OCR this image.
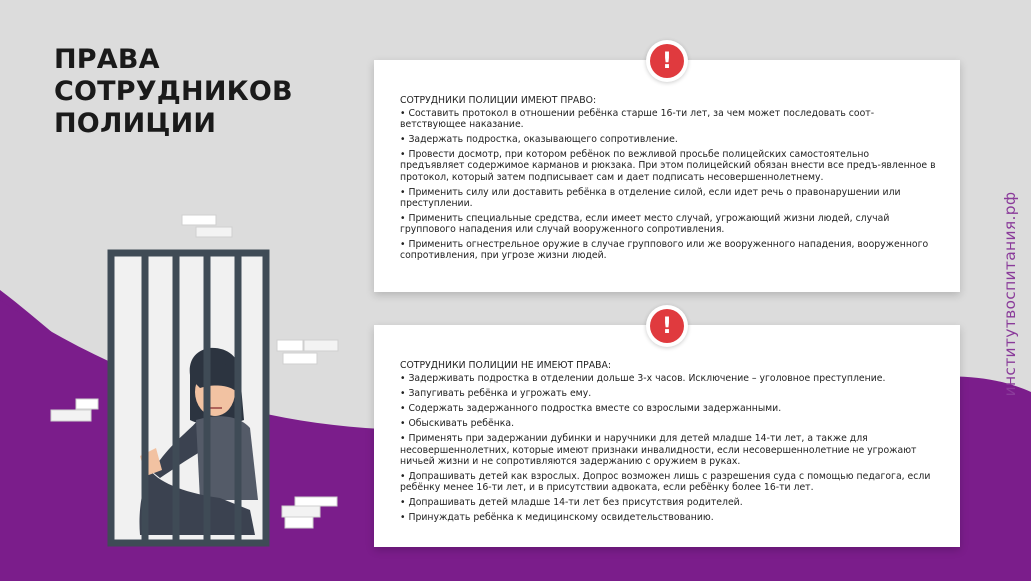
ПРАВА
СОТРУДНИКОВ
ПОЛИЦИИ

СОТРУДНИКИ ПОЛИЦИИ ИМЕЮТ ПРАВО:

• Составить протокол в отношении ребёнка старше 16-ти лет, за чем может последовать соот-ветствующее наказание.
• Задержать подростка, оказывающего сопротивление.
• Провести досмотр, при котором ребёнок по вежливой просьбе полицейских самостоятельно предъявляет содержимое карманов и рюкзака. При этом полицейский обязан внести все предъ-явленное в протокол, который затем подписывает сам и дает подписать несовершеннолетнему.
• Применить силу или доставить ребёнка в отделение силой, если идет речь о правонарушении или преступлении.
• Применить специальные средства, если имеет место случай, угрожающий жизни людей, случай группового нападения или случай вооруженного сопротивления.
• Применить огнестрельное оружие в случае группового или же вооруженного нападения, вооруженного сопротивления, при угрозе жизни людей.
!

СОТРУДНИКИ ПОЛИЦИИ НЕ ИМЕЮТ ПРАВА:

• Задерживать подростка в отделении дольше 3-х часов. Исключение – уголовное преступление.
• Запугивать ребёнка и угрожать ему.
• Содержать задержанного подростка вместе со взрослыми задержанными.
• Обыскивать ребёнка.
• Применять при задержании дубинки и наручники для детей младше 14-ти лет, а также для несовершеннолетних, которые имеют признаки инвалидности, если несовершеннолетние не угрожают ничьей жизни и не сопротивляются задержанию с оружием в руках.
• Допрашивать детей как взрослых. Допрос возможен лишь с разрешения суда с помощью педагога, если ребёнку менее 16-ти лет, и в присутствии адвоката, если ребёнку более 16-ти лет.
• Допрашивать детей младше 14-ти лет без присутствия родителей.
• Принуждать ребёнка к медицинскому освидетельствованию.
!	институтвоспитания.рф
